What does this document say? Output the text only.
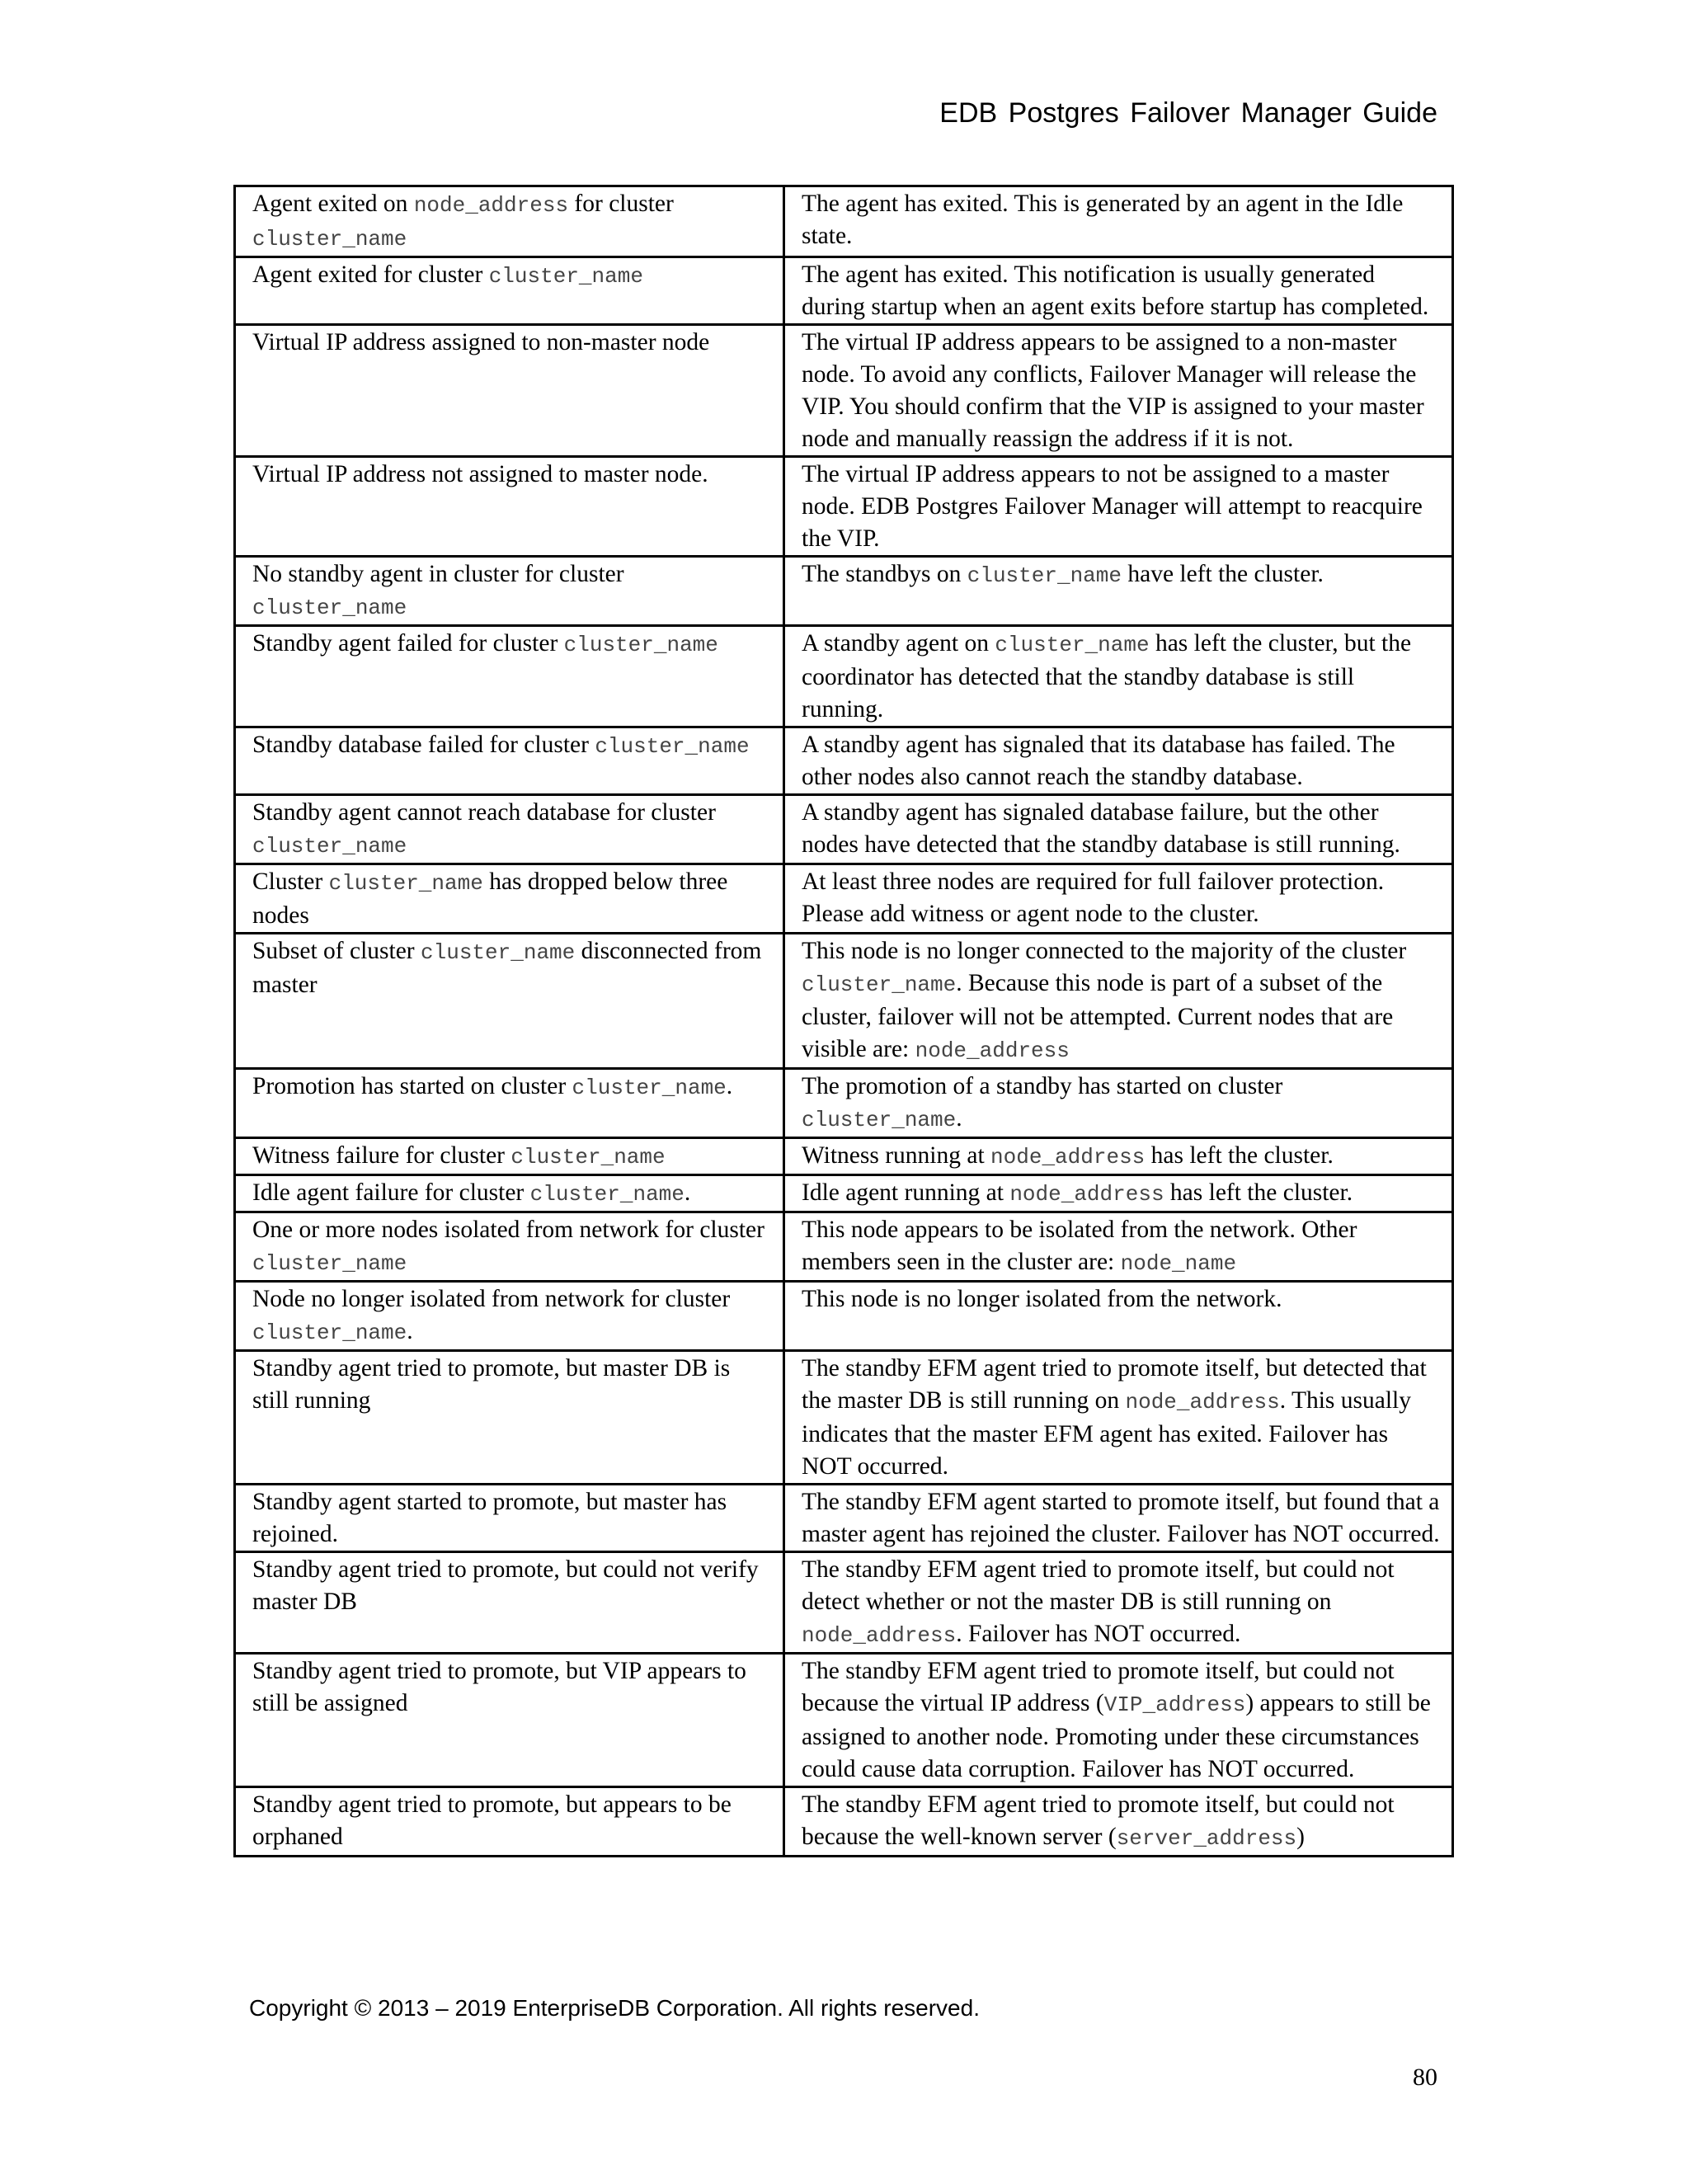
EDB Postgres Failover Manager Guide
Agent exited on node_address for cluster cluster_name	The agent has exited. This is generated by an agent in the Idle state.
Agent exited for cluster cluster_name	The agent has exited. This notification is usually generated during startup when an agent exits before startup has completed.
Virtual IP address assigned to non-master node	The virtual IP address appears to be assigned to a non-master node. To avoid any conflicts, Failover Manager will release the VIP. You should confirm that the VIP is assigned to your master node and manually reassign the address if it is not.
Virtual IP address not assigned to master node.	The virtual IP address appears to not be assigned to a master node. EDB Postgres Failover Manager will attempt to reacquire the VIP.
No standby agent in cluster for cluster cluster_name	The standbys on cluster_name have left the cluster.
Standby agent failed for cluster cluster_name	A standby agent on cluster_name has left the cluster, but the coordinator has detected that the standby database is still running.
Standby database failed for cluster cluster_name	A standby agent has signaled that its database has failed. The other nodes also cannot reach the standby database.
Standby agent cannot reach database for cluster cluster_name	A standby agent has signaled database failure, but the other nodes have detected that the standby database is still running.
Cluster cluster_name has dropped below three nodes	At least three nodes are required for full failover protection. Please add witness or agent node to the cluster.
Subset of cluster cluster_name disconnected from master	This node is no longer connected to the majority of the cluster cluster_name. Because this node is part of a subset of the cluster, failover will not be attempted. Current nodes that are visible are: node_address
Promotion has started on cluster cluster_name.	The promotion of a standby has started on cluster cluster_name.
Witness failure for cluster cluster_name	Witness running at node_address has left the cluster.
Idle agent failure for cluster cluster_name.	Idle agent running at node_address has left the cluster.
One or more nodes isolated from network for cluster cluster_name	This node appears to be isolated from the network. Other members seen in the cluster are: node_name
Node no longer isolated from network for cluster cluster_name.	This node is no longer isolated from the network.
Standby agent tried to promote, but master DB is still running	The standby EFM agent tried to promote itself, but detected that the master DB is still running on node_address. This usually indicates that the master EFM agent has exited. Failover has NOT occurred.
Standby agent started to promote, but master has rejoined.	The standby EFM agent started to promote itself, but found that a master agent has rejoined the cluster. Failover has NOT occurred.
Standby agent tried to promote, but could not verify master DB	The standby EFM agent tried to promote itself, but could not detect whether or not the master DB is still running on node_address. Failover has NOT occurred.
Standby agent tried to promote, but VIP appears to still be assigned	The standby EFM agent tried to promote itself, but could not because the virtual IP address (VIP_address) appears to still be assigned to another node. Promoting under these circumstances could cause data corruption. Failover has NOT occurred.
Standby agent tried to promote, but appears to be orphaned	The standby EFM agent tried to promote itself, but could not because the well-known server (server_address)
Copyright © 2013 – 2019 EnterpriseDB Corporation. All rights reserved.
80
